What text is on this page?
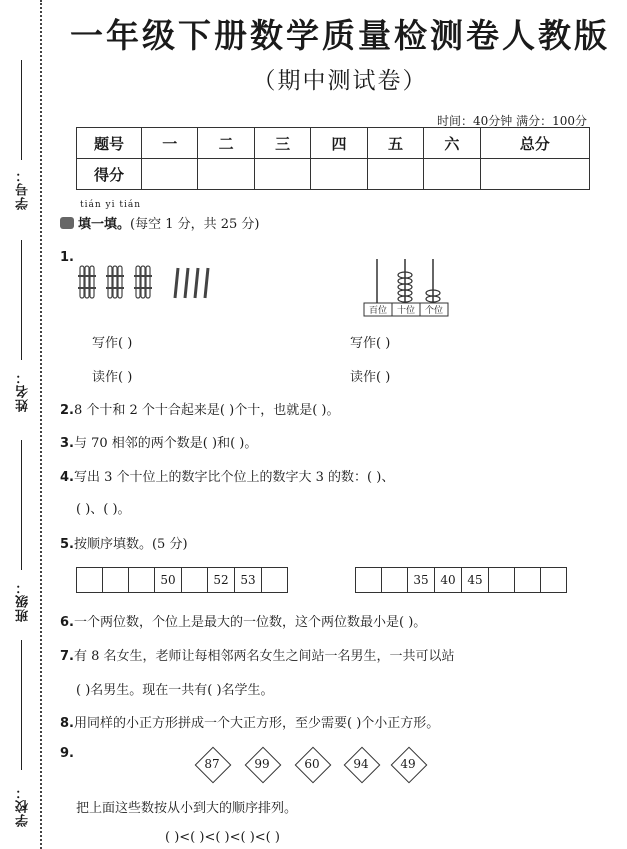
学号：
姓名：
班级：
学校：
一年级下册数学质量检测卷人教版
（期中测试卷）
时间：40分钟 满分：100分
题号	一	二	三	四	五	六	总分
得分							
tián yi tián
填一填。(每空 1 分，共 25 分)
1.
百位 十位 个位
写作( )
读作( )
写作( )
读作( )
2.8 个十和 2 个十合起来是( )个十，也就是( )。
3.与 70 相邻的两个数是( )和( )。
4.写出 3 个十位上的数字比个位上的数字大 3 的数：( )、
( )、( )。
5.按顺序填数。(5 分)
50	52 53	35 40 45
6.一个两位数，个位上是最大的一位数，这个两位数最小是( )。
7.有 8 名女生，老师让每相邻两名女生之间站一名男生，一共可以站
( )名男生。现在一共有( )名学生。
8.用同样的小正方形拼成一个大正方形，至少需要( )个小正方形。
9.
87	99	60	94	49
把上面这些数按从小到大的顺序排列。
( )<( )<( )<( )<( )
